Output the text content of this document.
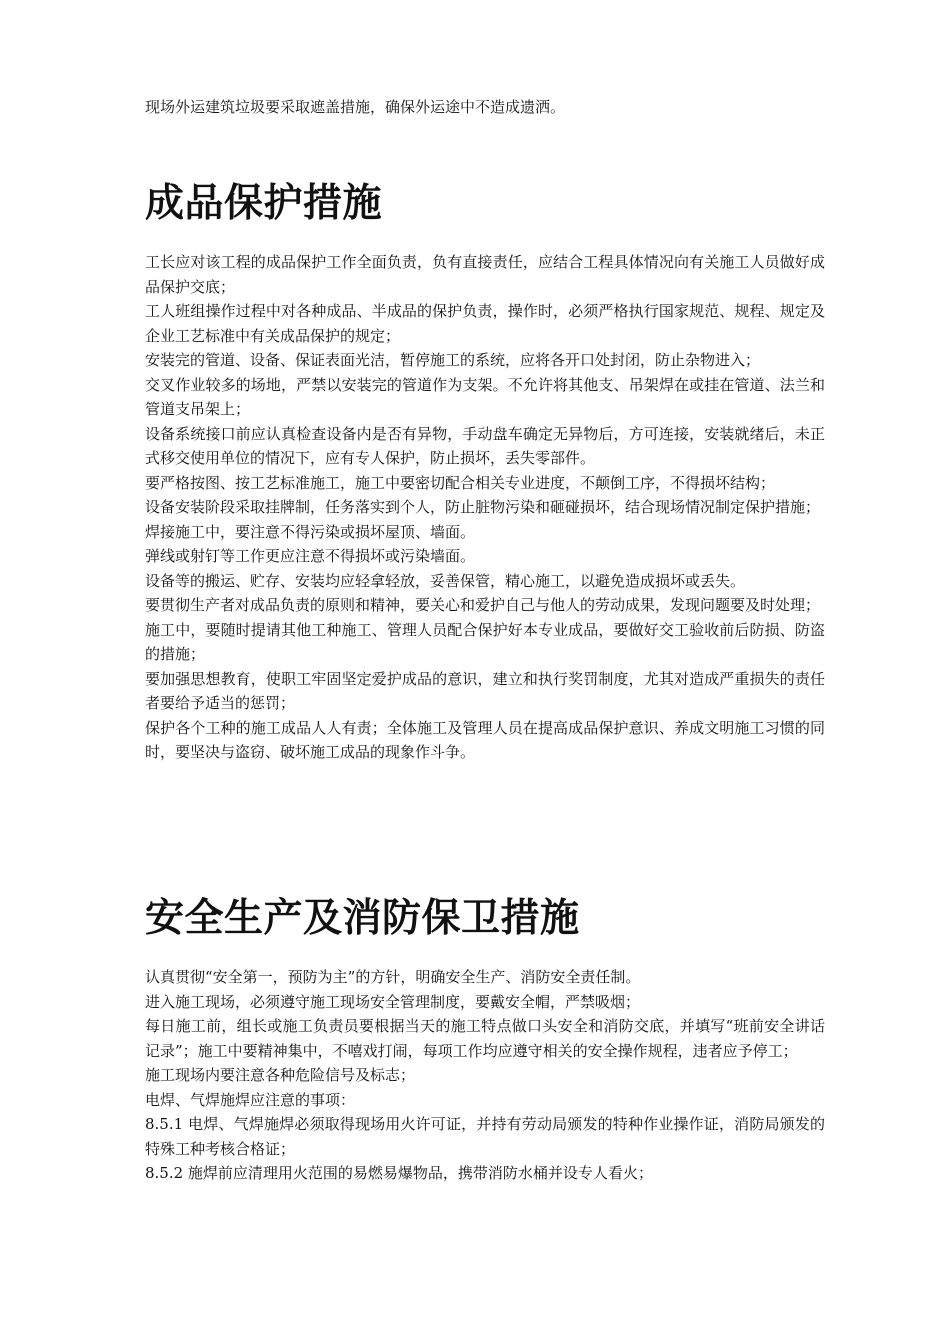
现场外运建筑垃圾要采取遮盖措施，确保外运途中不造成遗洒。

成品保护措施
工长应对该工程的成品保护工作全面负责，负有直接责任，应结合工程具体情况向有关施工人员做好成品保护交底；
工人班组操作过程中对各种成品、半成品的保护负责，操作时，必须严格执行国家规范、规程、规定及企业工艺标准中有关成品保护的规定；
安装完的管道、设备、保证表面光洁，暂停施工的系统，应将各开口处封闭，防止杂物进入；
交叉作业较多的场地，严禁以安装完的管道作为支架。不允许将其他支、吊架焊在或挂在管道、法兰和管道支吊架上；
设备系统接口前应认真检查设备内是否有异物，手动盘车确定无异物后，方可连接，安装就绪后，未正式移交使用单位的情况下，应有专人保护，防止损坏，丢失零部件。
要严格按图、按工艺标准施工，施工中要密切配合相关专业进度，不颠倒工序，不得损坏结构；
设备安装阶段采取挂牌制，任务落实到个人，防止脏物污染和砸碰损坏，结合现场情况制定保护措施；
焊接施工中，要注意不得污染或损坏屋顶、墙面。
弹线或射钉等工作更应注意不得损坏或污染墙面。
设备等的搬运、贮存、安装均应轻拿轻放，妥善保管，精心施工，以避免造成损坏或丢失。
要贯彻生产者对成品负责的原则和精神，要关心和爱护自己与他人的劳动成果，发现问题要及时处理；
施工中，要随时提请其他工种施工、管理人员配合保护好本专业成品，要做好交工验收前后防损、防盗的措施；
要加强思想教育，使职工牢固坚定爱护成品的意识，建立和执行奖罚制度，尤其对造成严重损失的责任者要给予适当的惩罚；
保护各个工种的施工成品人人有责；全体施工及管理人员在提高成品保护意识、养成文明施工习惯的同时，要坚决与盗窃、破坏施工成品的现象作斗争。
安全生产及消防保卫措施
认真贯彻“安全第一，预防为主”的方针，明确安全生产、消防安全责任制。
进入施工现场，必须遵守施工现场安全管理制度，要戴安全帽，严禁吸烟；
每日施工前，组长或施工负责员要根据当天的施工特点做口头安全和消防交底，并填写“班前安全讲话记录”；施工中要精神集中，不嘻戏打闹，每项工作均应遵守相关的安全操作规程，违者应予停工；
施工现场内要注意各种危险信号及标志；
电焊、气焊施焊应注意的事项：
8.5.1 电焊、气焊施焊必须取得现场用火许可证，并持有劳动局颁发的特种作业操作证，消防局颁发的特殊工种考核合格证；
8.5.2 施焊前应清理用火范围的易燃易爆物品，携带消防水桶并设专人看火；
